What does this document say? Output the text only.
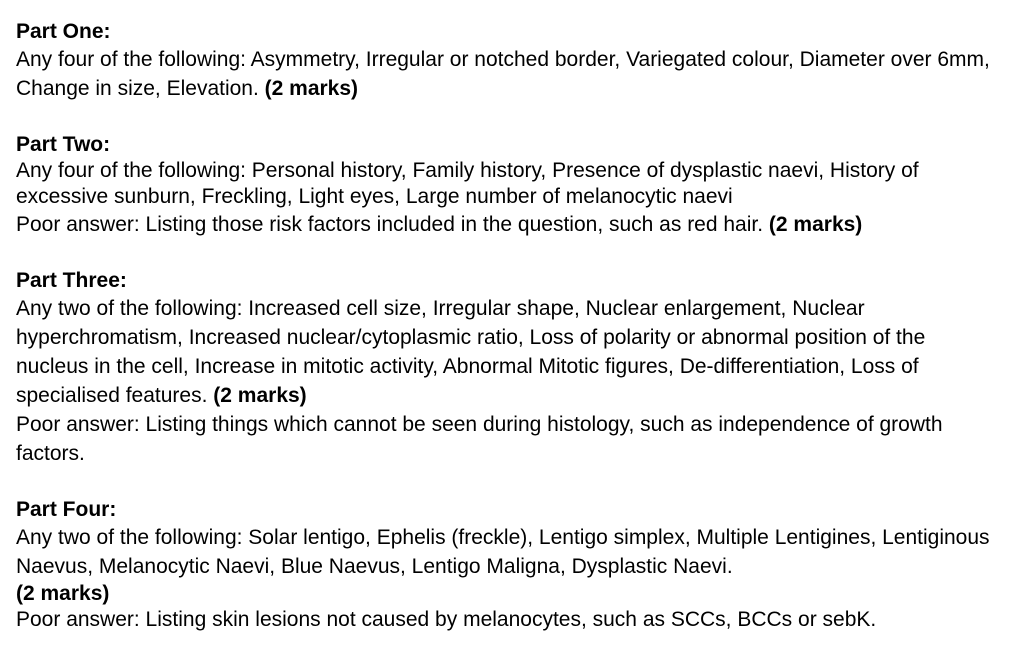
Part One:

Any four of the following: Asymmetry, Irregular or notched border, Variegated colour, Diameter over 6mm, Change in size, Elevation. (2 marks)

Part Two:

Any four of the following: Personal history, Family history, Presence of dysplastic naevi, History of excessive sunburn, Freckling, Light eyes, Large number of melanocytic naevi

Poor answer: Listing those risk factors included in the question, such as red hair. (2 marks)

Part Three:

Any two of the following: Increased cell size, Irregular shape, Nuclear enlargement, Nuclear hyperchromatism, Increased nuclear/cytoplasmic ratio, Loss of polarity or abnormal position of the nucleus in the cell, Increase in mitotic activity, Abnormal Mitotic figures, De-differentiation, Loss of specialised features. (2 marks)

Poor answer: Listing things which cannot be seen during histology, such as independence of growth factors.

Part Four:

Any two of the following: Solar lentigo, Ephelis (freckle), Lentigo simplex, Multiple Lentigines, Lentiginous Naevus, Melanocytic Naevi, Blue Naevus, Lentigo Maligna, Dysplastic Naevi.

(2 marks)

Poor answer: Listing skin lesions not caused by melanocytes, such as SCCs, BCCs or sebK.
